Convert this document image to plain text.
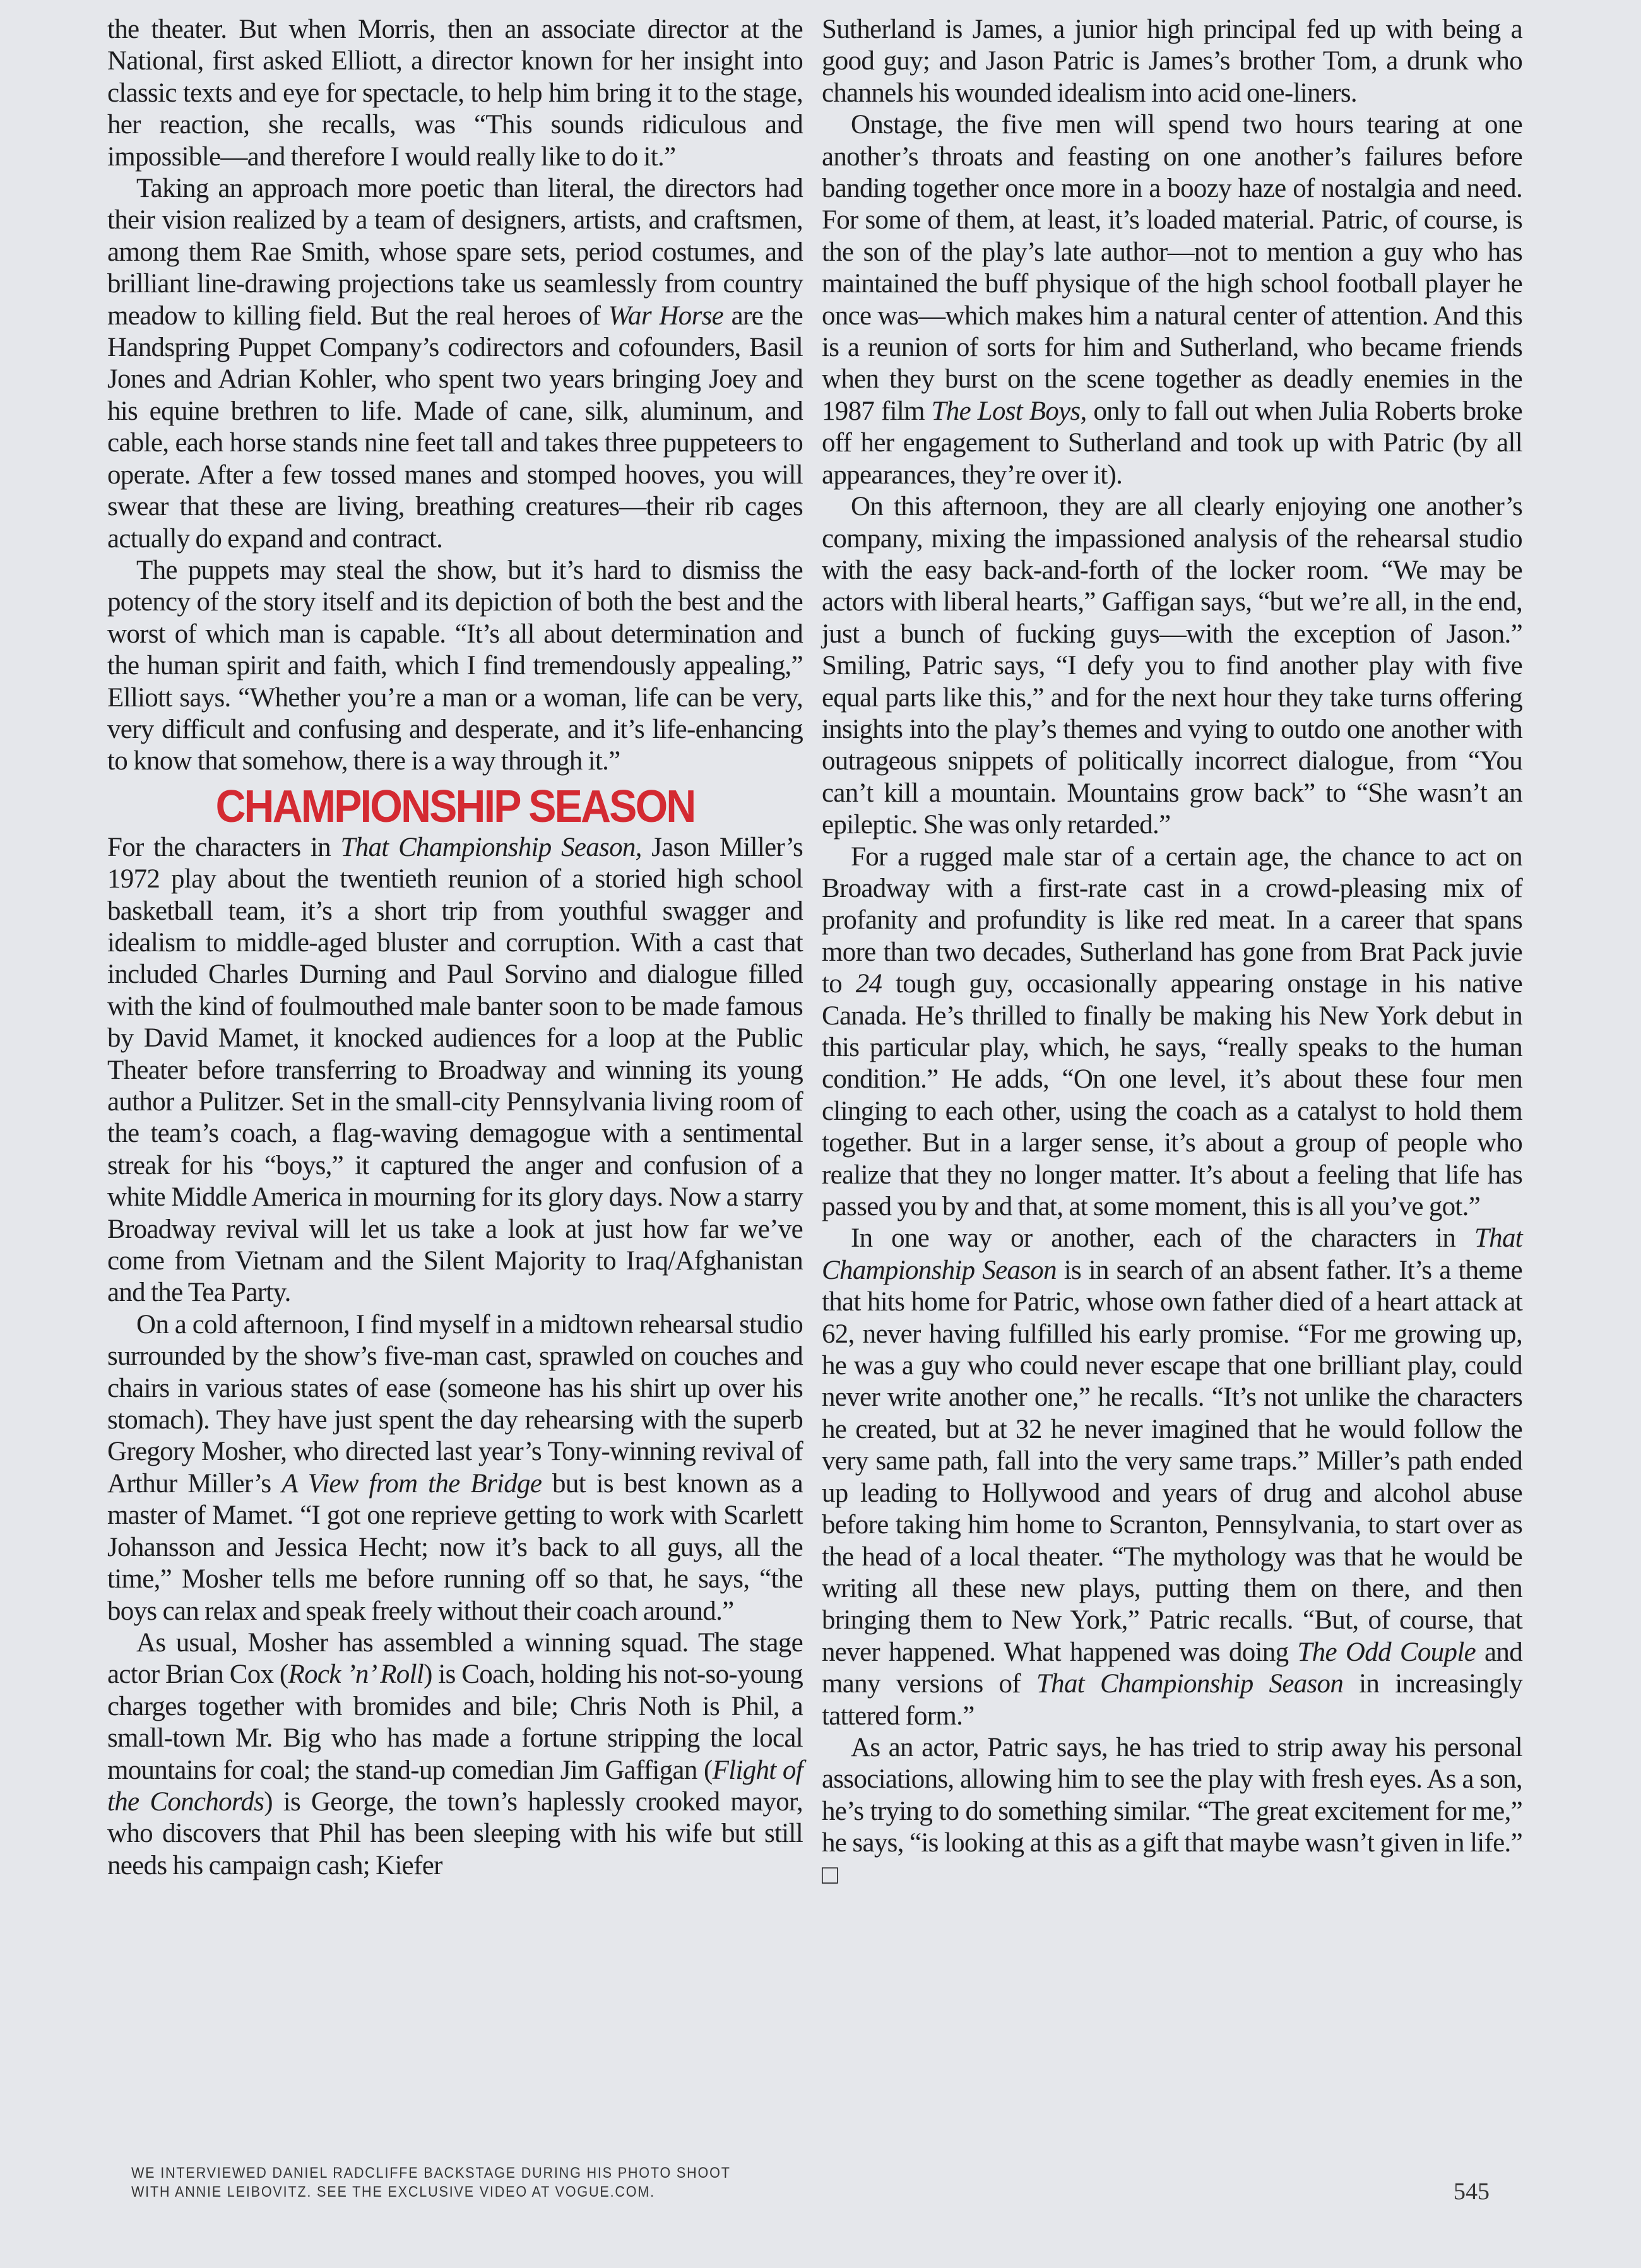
the theater. But when Morris, then an associate director at the National, first asked Elliott, a director known for her insight into classic texts and eye for spectacle, to help him bring it to the stage, her reaction, she recalls, was “This sounds ridiculous and impossible—and therefore I would really like to do it.”

Taking an approach more poetic than literal, the directors had their vision realized by a team of designers, artists, and craftsmen, among them Rae Smith, whose spare sets, period costumes, and brilliant line-drawing projections take us seamlessly from country meadow to killing field. But the real heroes of War Horse are the Handspring Puppet Company’s codirectors and cofounders, Basil Jones and Adrian Kohler, who spent two years bringing Joey and his equine brethren to life. Made of cane, silk, aluminum, and cable, each horse stands nine feet tall and takes three puppeteers to operate. After a few tossed manes and stomped hooves, you will swear that these are living, breathing creatures—their rib cages actually do expand and contract.

The puppets may steal the show, but it’s hard to dismiss the potency of the story itself and its depiction of both the best and the worst of which man is capable. “It’s all about determination and the human spirit and faith, which I find tremendously appealing,” Elliott says. “Whether you’re a man or a woman, life can be very, very difficult and confusing and desperate, and it’s life-enhancing to know that somehow, there is a way through it.”

CHAMPIONSHIP SEASON

For the characters in That Championship Season, Jason Miller’s 1972 play about the twentieth reunion of a storied high school basketball team, it’s a short trip from youthful swagger and idealism to middle-aged bluster and corruption. With a cast that included Charles Durning and Paul Sorvino and dialogue filled with the kind of foulmouthed male banter soon to be made famous by David Mamet, it knocked audiences for a loop at the Public Theater before transferring to Broadway and winning its young author a Pulitzer. Set in the small-city Pennsylvania living room of the team’s coach, a flag-waving demagogue with a sentimental streak for his “boys,” it captured the anger and confusion of a white Middle America in mourning for its glory days. Now a starry Broadway revival will let us take a look at just how far we’ve come from Vietnam and the Silent Majority to Iraq/Afghanistan and the Tea Party.

On a cold afternoon, I find myself in a midtown rehearsal studio surrounded by the show’s five-man cast, sprawled on couches and chairs in various states of ease (someone has his shirt up over his stomach). They have just spent the day rehearsing with the superb Gregory Mosher, who directed last year’s Tony-winning revival of Arthur Miller’s A View from the Bridge but is best known as a master of Mamet. “I got one reprieve getting to work with Scarlett Johansson and Jessica Hecht; now it’s back to all guys, all the time,” Mosher tells me before running off so that, he says, “the boys can relax and speak freely without their coach around.”

As usual, Mosher has assembled a winning squad. The stage actor Brian Cox (Rock ’n’ Roll) is Coach, holding his not-so-young charges together with bromides and bile; Chris Noth is Phil, a small-town Mr. Big who has made a fortune stripping the local mountains for coal; the stand-up comedian Jim Gaffigan (Flight of the Conchords) is George, the town’s haplessly crooked mayor, who discovers that Phil has been sleeping with his wife but still needs his campaign cash; Kiefer

Sutherland is James, a junior high principal fed up with being a good guy; and Jason Patric is James’s brother Tom, a drunk who channels his wounded idealism into acid one-liners.

Onstage, the five men will spend two hours tearing at one another’s throats and feasting on one another’s failures before banding together once more in a boozy haze of nostalgia and need. For some of them, at least, it’s loaded material. Patric, of course, is the son of the play’s late author—not to mention a guy who has maintained the buff physique of the high school football player he once was—which makes him a natural center of attention. And this is a reunion of sorts for him and Sutherland, who became friends when they burst on the scene together as deadly enemies in the 1987 film The Lost Boys, only to fall out when Julia Roberts broke off her engagement to Sutherland and took up with Patric (by all appearances, they’re over it).

On this afternoon, they are all clearly enjoying one another’s company, mixing the impassioned analysis of the rehearsal studio with the easy back-and-forth of the locker room. “We may be actors with liberal hearts,” Gaffigan says, “but we’re all, in the end, just a bunch of fucking guys—with the exception of Jason.” Smiling, Patric says, “I defy you to find another play with five equal parts like this,” and for the next hour they take turns offering insights into the play’s themes and vying to outdo one another with outrageous snippets of politically incorrect dialogue, from “You can’t kill a mountain. Mountains grow back” to “She wasn’t an epileptic. She was only retarded.”

For a rugged male star of a certain age, the chance to act on Broadway with a first-rate cast in a crowd-pleasing mix of profanity and profundity is like red meat. In a career that spans more than two decades, Sutherland has gone from Brat Pack juvie to 24 tough guy, occasionally appearing onstage in his native Canada. He’s thrilled to finally be making his New York debut in this particular play, which, he says, “really speaks to the human condition.” He adds, “On one level, it’s about these four men clinging to each other, using the coach as a catalyst to hold them together. But in a larger sense, it’s about a group of people who realize that they no longer matter. It’s about a feeling that life has passed you by and that, at some moment, this is all you’ve got.”

In one way or another, each of the characters in That Championship Season is in search of an absent father. It’s a theme that hits home for Patric, whose own father died of a heart attack at 62, never having fulfilled his early promise. “For me growing up, he was a guy who could never escape that one brilliant play, could never write another one,” he recalls. “It’s not unlike the characters he created, but at 32 he never imagined that he would follow the very same path, fall into the very same traps.” Miller’s path ended up leading to Hollywood and years of drug and alcohol abuse before taking him home to Scranton, Pennsylvania, to start over as the head of a local theater. “The mythology was that he would be writing all these new plays, putting them on there, and then bringing them to New York,” Patric recalls. “But, of course, that never happened. What happened was doing The Odd Couple and many versions of That Championship Season in increasingly tattered form.”

As an actor, Patric says, he has tried to strip away his personal associations, allowing him to see the play with fresh eyes. As a son, he’s trying to do something similar. “The great excitement for me,” he says, “is looking at this as a gift that maybe wasn’t given in life.” □

WE INTERVIEWED DANIEL RADCLIFFE BACKSTAGE DURING HIS PHOTO SHOOT
WITH ANNIE LEIBOVITZ. SEE THE EXCLUSIVE VIDEO AT VOGUE.COM.	545
